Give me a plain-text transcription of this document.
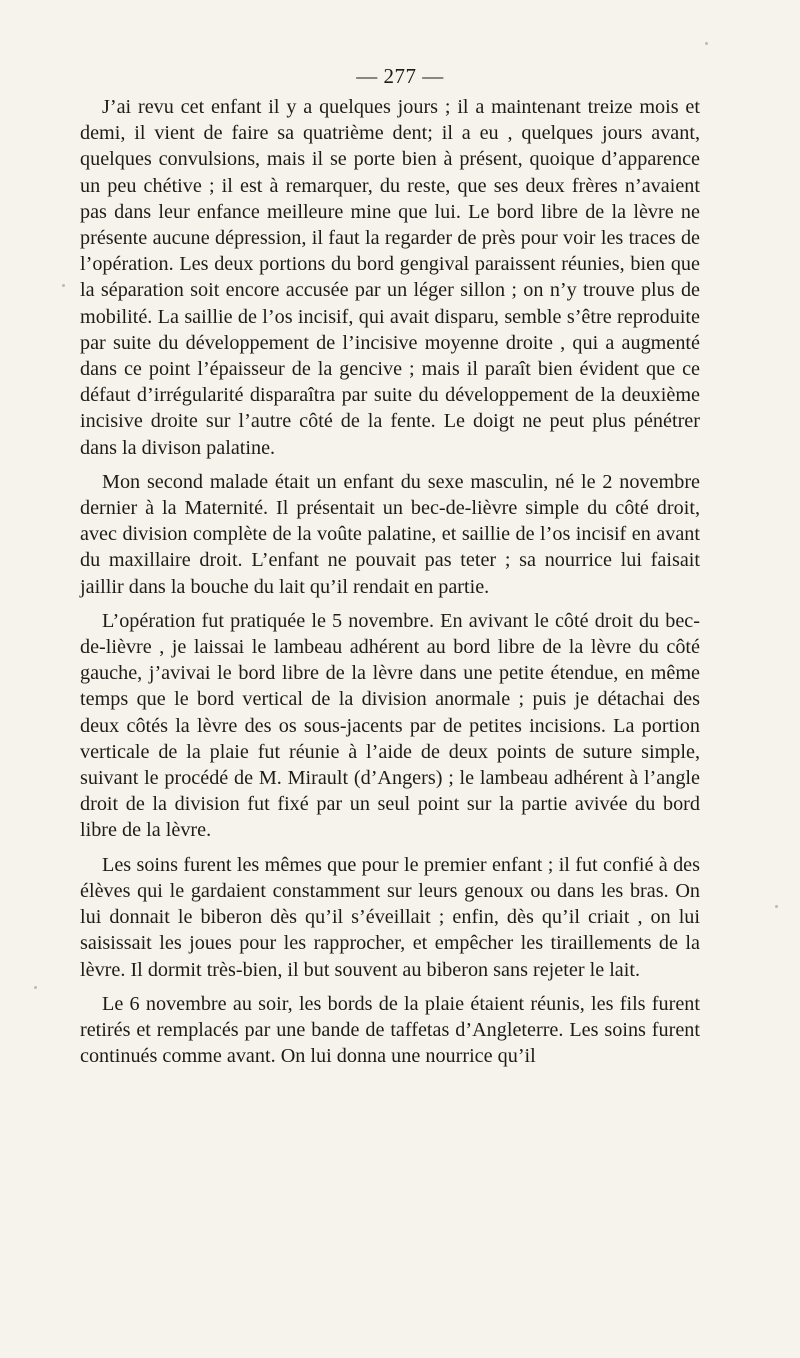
— 277 —

J’ai revu cet enfant il y a quelques jours ; il a maintenant treize mois et demi, il vient de faire sa quatrième dent; il a eu , quelques jours avant, quelques convulsions, mais il se porte bien à présent, quoique d’apparence un peu chétive ; il est à remarquer, du reste, que ses deux frères n’avaient pas dans leur enfance meilleure mine que lui. Le bord libre de la lèvre ne présente aucune dépression, il faut la regarder de près pour voir les traces de l’opération. Les deux portions du bord gengival paraissent réunies, bien que la séparation soit encore accusée par un léger sillon ; on n’y trouve plus de mobilité. La saillie de l’os incisif, qui avait disparu, semble s’être reproduite par suite du développement de l’incisive moyenne droite , qui a augmenté dans ce point l’épaisseur de la gencive ; mais il paraît bien évident que ce défaut d’irrégularité disparaîtra par suite du développement de la deuxième incisive droite sur l’autre côté de la fente. Le doigt ne peut plus pénétrer dans la divison palatine.

Mon second malade était un enfant du sexe masculin, né le 2 novembre dernier à la Maternité. Il présentait un bec-de-lièvre simple du côté droit, avec division complète de la voûte palatine, et saillie de l’os incisif en avant du maxillaire droit. L’enfant ne pouvait pas teter ; sa nourrice lui faisait jaillir dans la bouche du lait qu’il rendait en partie.

L’opération fut pratiquée le 5 novembre. En avivant le côté droit du bec-de-lièvre , je laissai le lambeau adhérent au bord libre de la lèvre du côté gauche, j’avivai le bord libre de la lèvre dans une petite étendue, en même temps que le bord vertical de la division anormale ; puis je détachai des deux côtés la lèvre des os sous-jacents par de petites incisions. La portion verticale de la plaie fut réunie à l’aide de deux points de suture simple, suivant le procédé de M. Mirault (d’Angers) ; le lambeau adhérent à l’angle droit de la division fut fixé par un seul point sur la partie avivée du bord libre de la lèvre.

Les soins furent les mêmes que pour le premier enfant ; il fut confié à des élèves qui le gardaient constamment sur leurs genoux ou dans les bras. On lui donnait le biberon dès qu’il s’éveillait ; enfin, dès qu’il criait , on lui saisissait les joues pour les rapprocher, et empêcher les tiraillements de la lèvre. Il dormit très-bien, il but souvent au biberon sans rejeter le lait.

Le 6 novembre au soir, les bords de la plaie étaient réunis, les fils furent retirés et remplacés par une bande de taffetas d’Angleterre. Les soins furent continués comme avant. On lui donna une nourrice qu’il
